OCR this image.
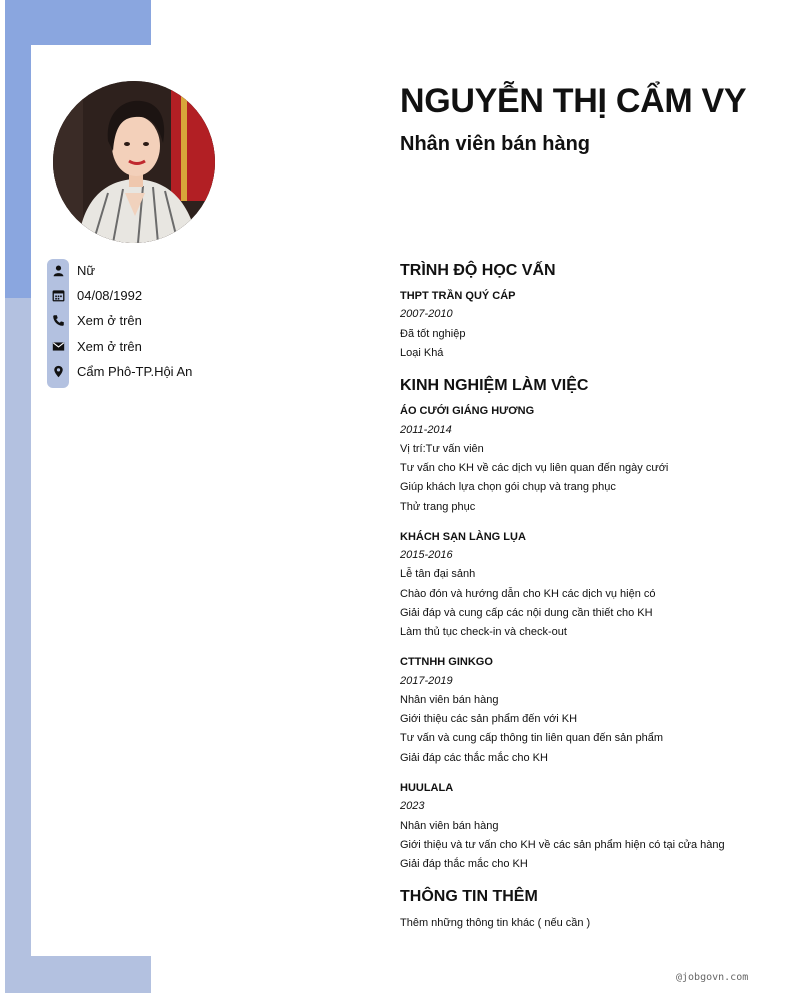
Nữ
04/08/1992
Xem ở trên
Xem ở trên
Cẩm Phô-TP.Hội An
NGUYỄN THỊ CẨM VY
Nhân viên bán hàng
TRÌNH ĐỘ HỌC VẤN
THPT TRẦN QUÝ CÁP
2007-2010
Đã tốt nghiệp
Loại Khá
KINH NGHIỆM LÀM VIỆC
ÁO CƯỚI GIÁNG HƯƠNG
2011-2014
Vị trí:Tư vấn viên
Tư vấn cho KH về các dịch vụ liên quan đến ngày cưới
Giúp khách lựa chọn gói chụp và trang phục
Thử trang phục
KHÁCH SẠN LÀNG LỤA
2015-2016
Lễ tân đại sảnh
Chào đón và hướng dẫn cho KH các dịch vụ hiện có
Giải đáp và cung cấp các nội dung cần thiết cho KH
Làm thủ tục check-in và check-out
CTTNHH GINKGO
2017-2019
Nhân viên bán hàng
Giới thiệu các sản phẩm đến với KH
Tư vấn và cung cấp thông tin liên quan đến sản phẩm
Giải đáp các thắc mắc cho KH
HUULALA
2023
Nhân viên bán hàng
Giới thiệu và tư vấn cho KH về các sản phẩm hiện có tại cửa hàng
Giải đáp thắc mắc cho KH
THÔNG TIN THÊM
Thêm những thông tin khác ( nếu cần )
@jobgovn.com
